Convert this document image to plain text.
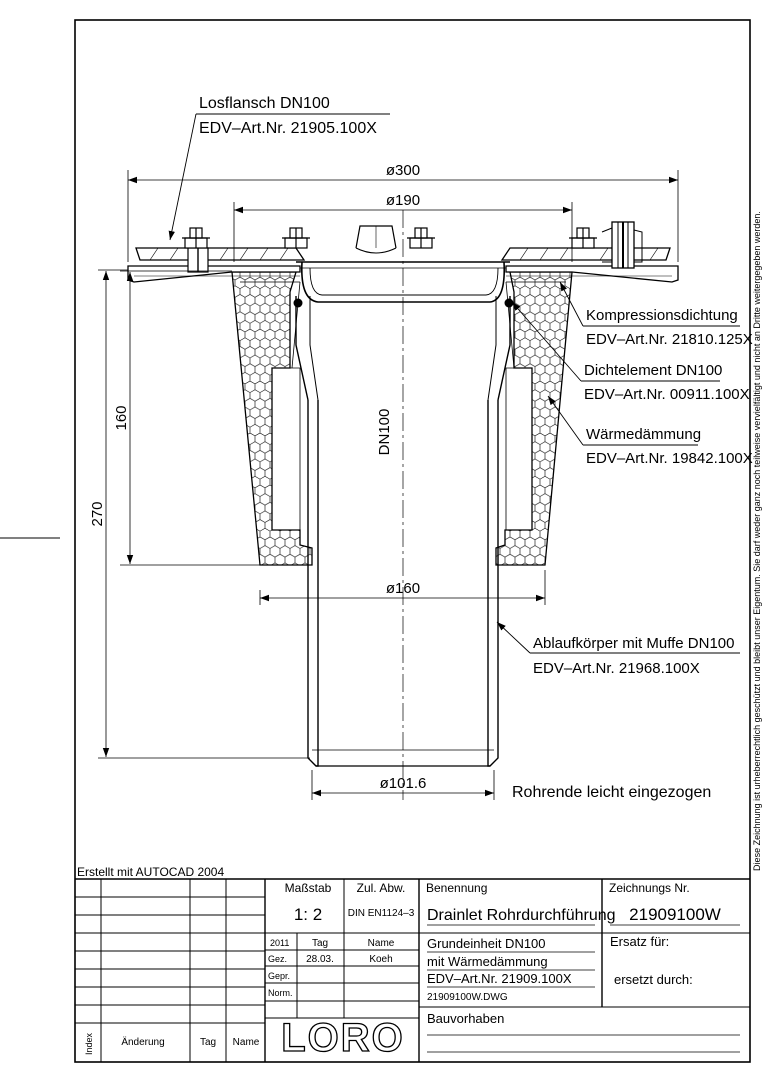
ø300
ø190
ø160
ø101.6
160
270
DN100
Losflansch DN100
EDV–Art.Nr. 21905.100X
Kompressionsdichtung
EDV–Art.Nr. 21810.125X
Dichtelement DN100
EDV–Art.Nr. 00911.100X
Wärmedämmung
EDV–Art.Nr. 19842.100X
Ablaufkörper mit Muffe DN100
EDV–Art.Nr. 21968.100X
Rohrende leicht eingezogen	Diese Zeichnung ist urheberrechtlich geschützt und bleibt unser Eigentum. Sie darf weder ganz noch teilweise vervielfältigt und nicht an Dritte weitergegeben werden.
Erstellt mit AUTOCAD 2004
Maßstab
1: 2
Zul. Abw.
DIN EN1124–3
Benennung
Drainlet Rohrdurchführung
Zeichnungs Nr.
21909100W
2011 Tag	Name
Gez. 28.03.	Koeh
Gepr.
Norm.
Grundeinheit DN100
mit Wärmedämmung
EDV–Art.Nr. 21909.100X
21909100W.DWG
Ersatz für:
ersetzt durch:
Bauvorhaben
LORO
Index	Änderung	Tag Name
